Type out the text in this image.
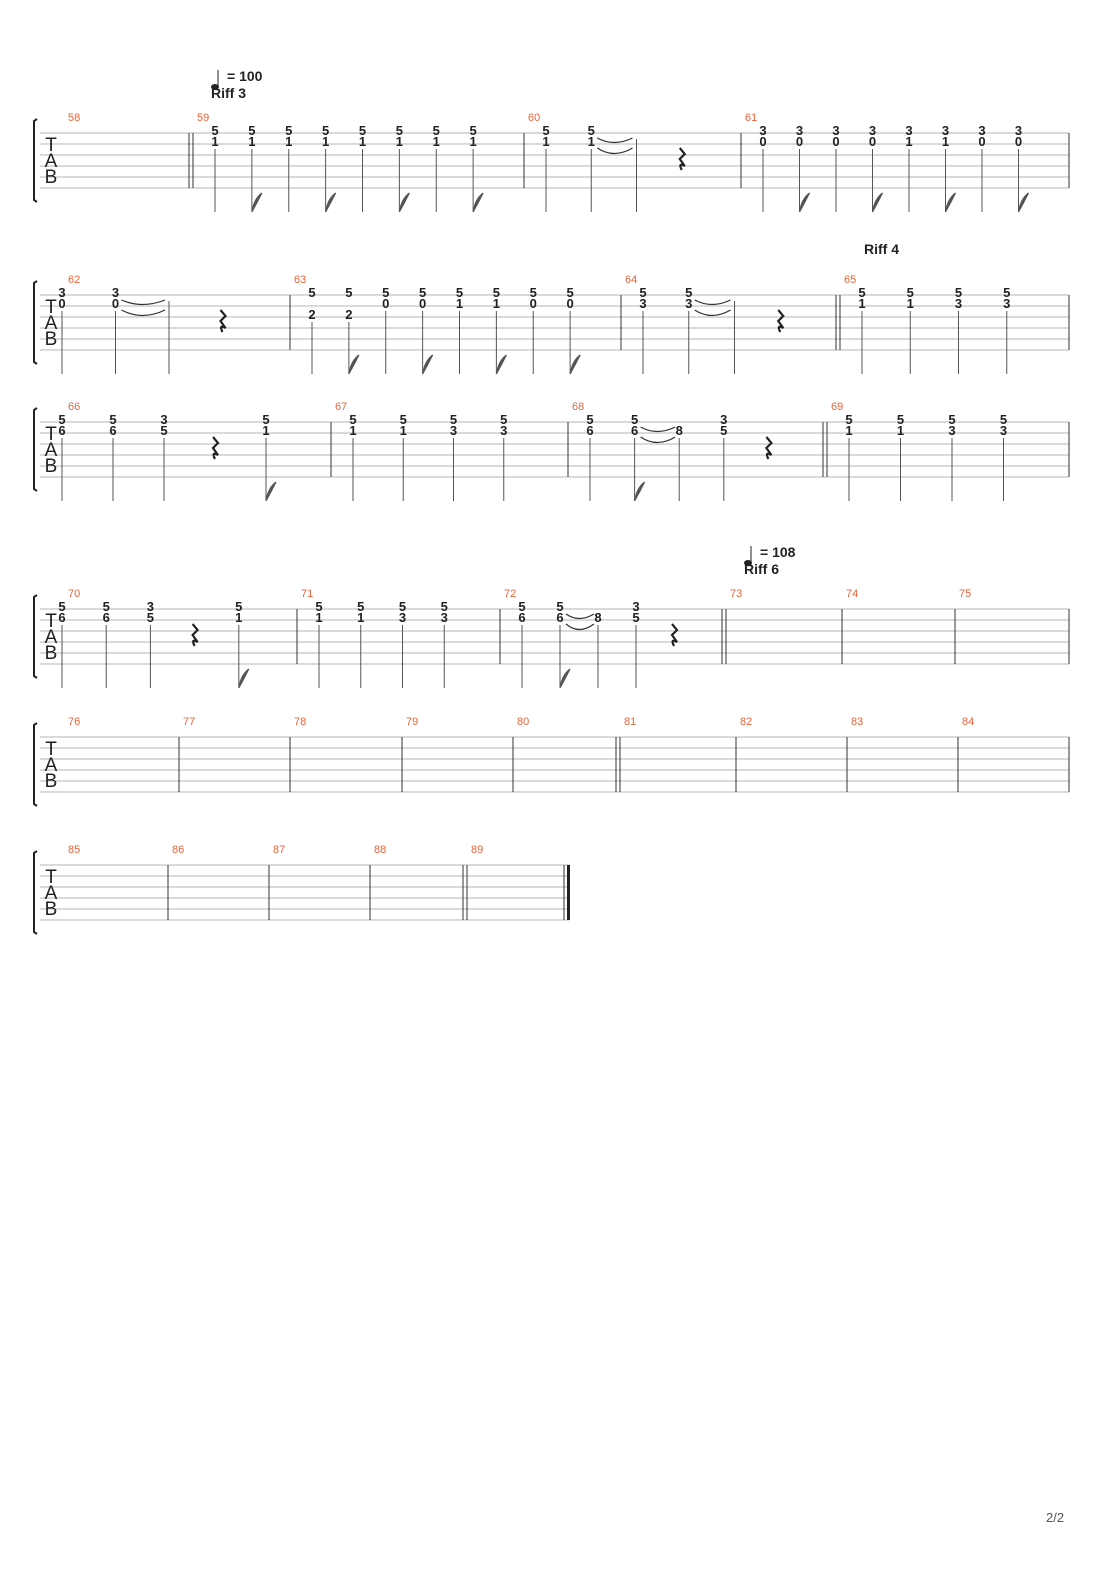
2/2
T
A
B
58	59
5
1
5
1
5
1
5
1
5
1
5
1
5
1
5
1
60
5
1
5
1
61
3
0
3
0
3
0
3
0
3
1
3
1
3
0
3
0
T
A
B
62
3
0
3
0
63
5
2
5
2
5
0
5
0
5
1
5
1
5
0
5
0
64
5
3
5
3
65
5
1
5
1
5
3
5
3
T
A
B
66
5
6
5
6
3
5
5
1
67
5
1
5
1
5
3
5
3
68
5
6
5
6	8
3
5
69
5
1
5
1
5
3
5
3
T
A
B
70
5
6
5
6
3
5
5
1
71
5
1
5
1
5
3
5
3
72
5
6
5
6 8
3
5
73	74	75
T
A
B
76	77	78	79	80	81	82	83	84
T
A
B
85	86	87	88	89
= 100
Riff 3
= 108
Riff 6
Riff 4
